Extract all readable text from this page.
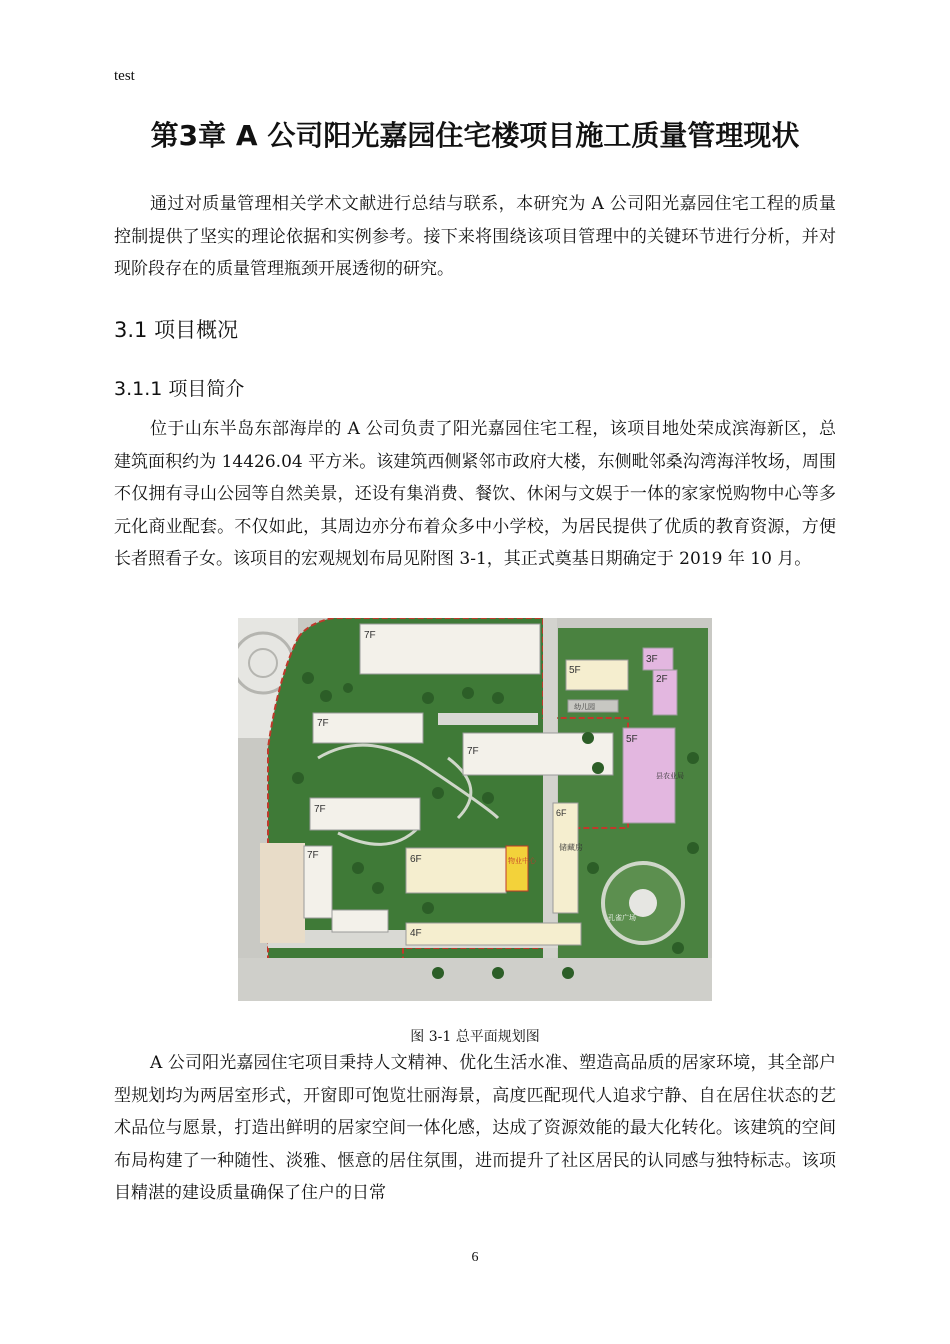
test
第3章 A 公司阳光嘉园住宅楼项目施工质量管理现状

通过对质量管理相关学术文献进行总结与联系，本研究为 A 公司阳光嘉园住宅工程的质量控制提供了坚实的理论依据和实例参考。接下来将围绕该项目管理中的关键环节进行分析，并对现阶段存在的质量管理瓶颈开展透彻的研究。

3.1 项目概况
3.1.1 项目简介

位于山东半岛东部海岸的 A 公司负责了阳光嘉园住宅工程，该项目地处荣成滨海新区，总建筑面积约为 14426.04 平方米。该建筑西侧紧邻市政府大楼，东侧毗邻桑沟湾海洋牧场，周围不仅拥有寻山公园等自然美景，还设有集消费、餐饮、休闲与文娱于一体的家家悦购物中心等多元化商业配套。不仅如此，其周边亦分布着众多中小学校，为居民提供了优质的教育资源，方便长者照看子女。该项目的宏观规划布局见附图 3-1，其正式奠基日期确定于 2019 年 10 月。

7F
7F
7F
7F
7F	6F
6F
储藏房
物业中心
4F
5F
幼儿园
5F
县农业局
3F
2F
孔雀广场
图 3-1 总平面规划图

A 公司阳光嘉园住宅项目秉持人文精神、优化生活水准、塑造高品质的居家环境，其全部户型规划均为两居室形式，开窗即可饱览壮丽海景，高度匹配现代人追求宁静、自在居住状态的艺术品位与愿景，打造出鲜明的居家空间一体化感，达成了资源效能的最大化转化。该建筑的空间布局构建了一种随性、淡雅、惬意的居住氛围，进而提升了社区居民的认同感与独特标志。该项目精湛的建设质量确保了住户的日常

6
